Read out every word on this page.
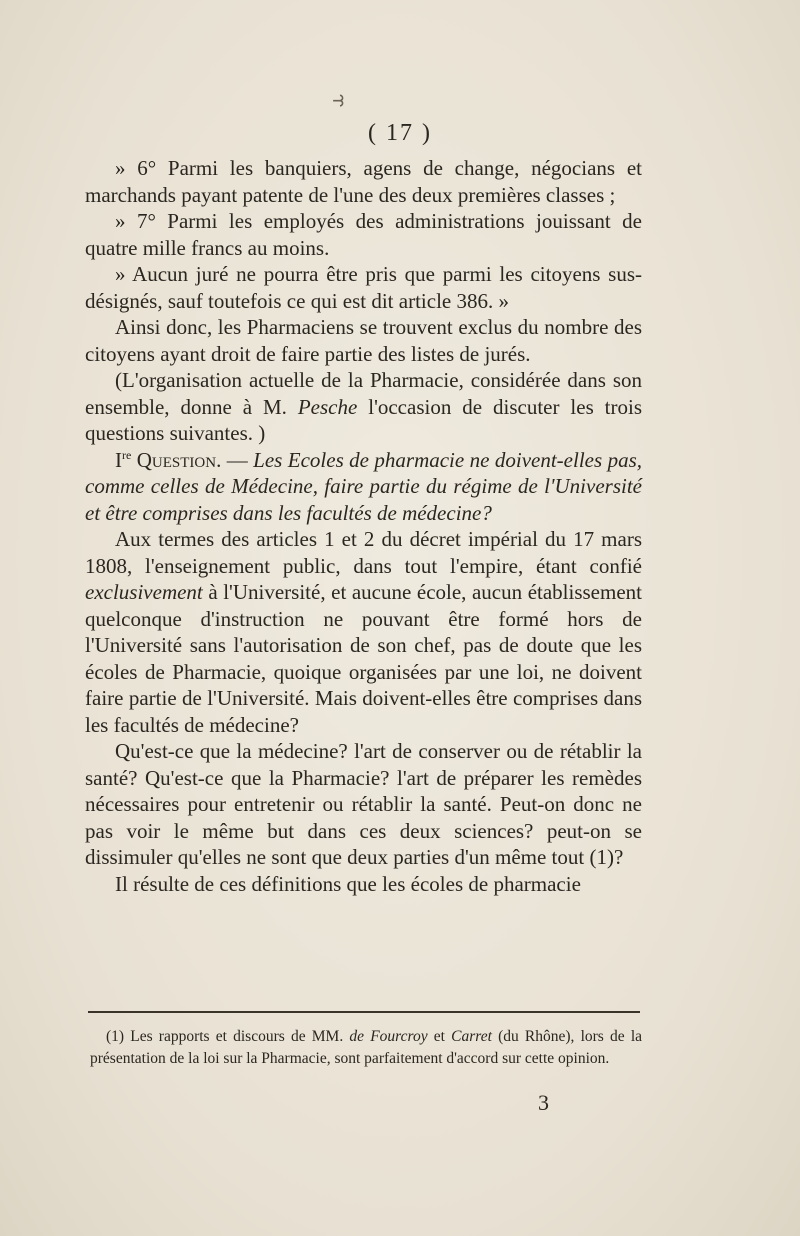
⥽
( 17 )

» 6° Parmi les banquiers, agens de change, négocians et marchands payant patente de l'une des deux premières classes ;

» 7° Parmi les employés des administrations jouissant de quatre mille francs au moins.

» Aucun juré ne pourra être pris que parmi les citoyens sus-désignés, sauf toutefois ce qui est dit article 386. »

Ainsi donc, les Pharmaciens se trouvent exclus du nombre des citoyens ayant droit de faire partie des listes de jurés.

(L'organisation actuelle de la Pharmacie, considérée dans son ensemble, donne à M. Pesche l'occasion de discuter les trois questions suivantes. )

Ire Question. — Les Ecoles de pharmacie ne doivent-elles pas, comme celles de Médecine, faire partie du régime de l'Université et être comprises dans les facultés de médecine?

Aux termes des articles 1 et 2 du décret impérial du 17 mars 1808, l'enseignement public, dans tout l'empire, étant confié exclusivement à l'Université, et aucune école, aucun établissement quelconque d'instruction ne pouvant être formé hors de l'Université sans l'autorisation de son chef, pas de doute que les écoles de Pharmacie, quoique organisées par une loi, ne doivent faire partie de l'Université. Mais doivent-elles être comprises dans les facultés de médecine?

Qu'est-ce que la médecine? l'art de conserver ou de rétablir la santé? Qu'est-ce que la Pharmacie? l'art de préparer les remèdes nécessaires pour entretenir ou rétablir la santé. Peut-on donc ne pas voir le même but dans ces deux sciences? peut-on se dissimuler qu'elles ne sont que deux parties d'un même tout (1)?

Il résulte de ces définitions que les écoles de pharmacie

(1) Les rapports et discours de MM. de Fourcroy et Carret (du Rhône), lors de la présentation de la loi sur la Pharmacie, sont parfaitement d'accord sur cette opinion.
3
